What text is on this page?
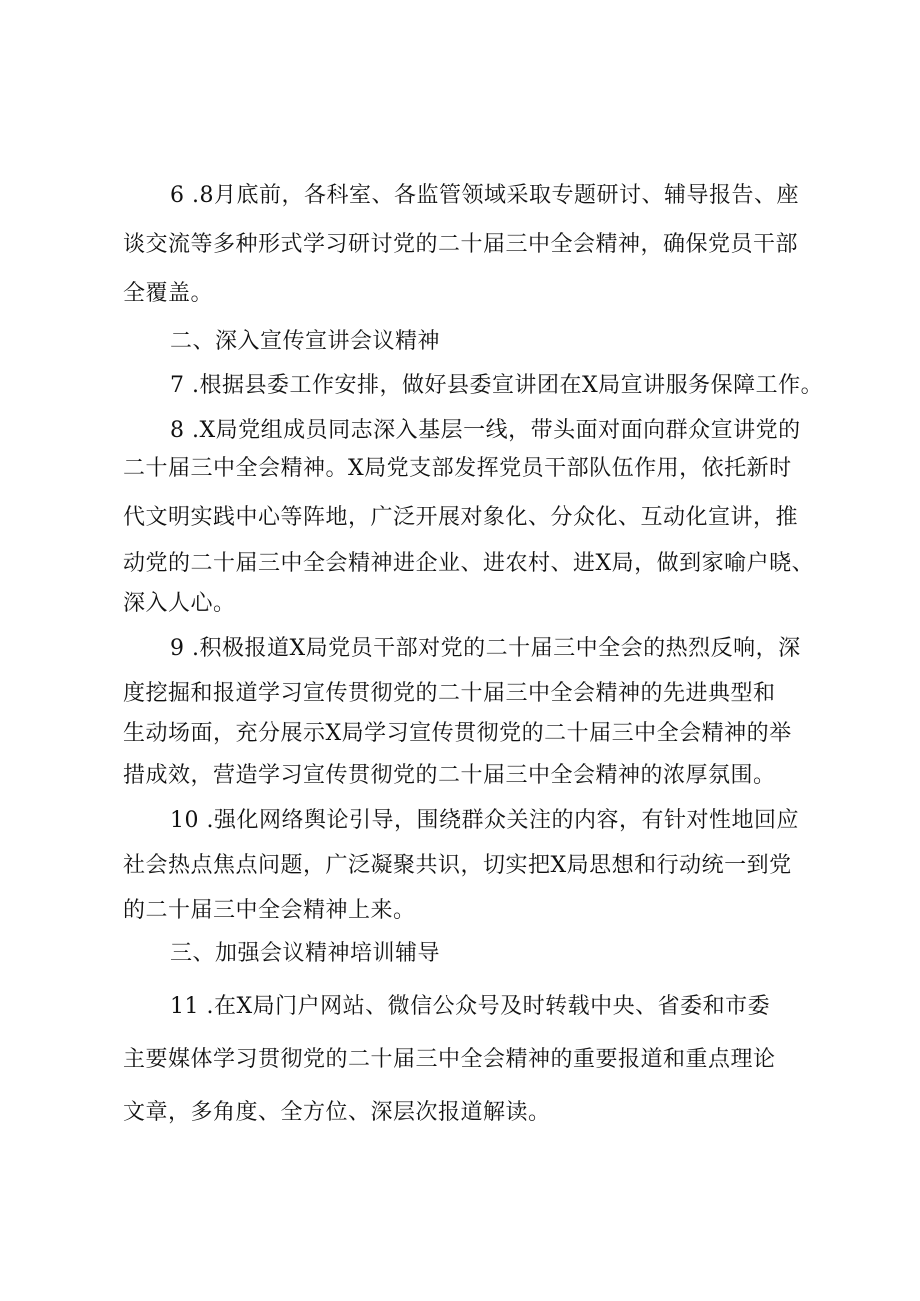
6 .8月底前，各科室、各监管领域采取专题研讨、辅导报告、座
谈交流等多种形式学习研讨党的二十届三中全会精神，确保党员干部
全覆盖。
二、深入宣传宣讲会议精神
7 .根据县委工作安排，做好县委宣讲团在X局宣讲服务保障工作。
8 .X局党组成员同志深入基层一线，带头面对面向群众宣讲党的
二十届三中全会精神。X局党支部发挥党员干部队伍作用，依托新时
代文明实践中心等阵地，广泛开展对象化、分众化、互动化宣讲，推
动党的二十届三中全会精神进企业、进农村、进X局，做到家喻户晓、
深入人心。
9 .积极报道X局党员干部对党的二十届三中全会的热烈反响，深
度挖掘和报道学习宣传贯彻党的二十届三中全会精神的先进典型和
生动场面，充分展示X局学习宣传贯彻党的二十届三中全会精神的举
措成效，营造学习宣传贯彻党的二十届三中全会精神的浓厚氛围。
10 .强化网络舆论引导，围绕群众关注的内容，有针对性地回应
社会热点焦点问题，广泛凝聚共识，切实把X局思想和行动统一到党
的二十届三中全会精神上来。
三、加强会议精神培训辅导
11 .在X局门户网站、微信公众号及时转载中央、省委和市委
主要媒体学习贯彻党的二十届三中全会精神的重要报道和重点理论
文章，多角度、全方位、深层次报道解读。
